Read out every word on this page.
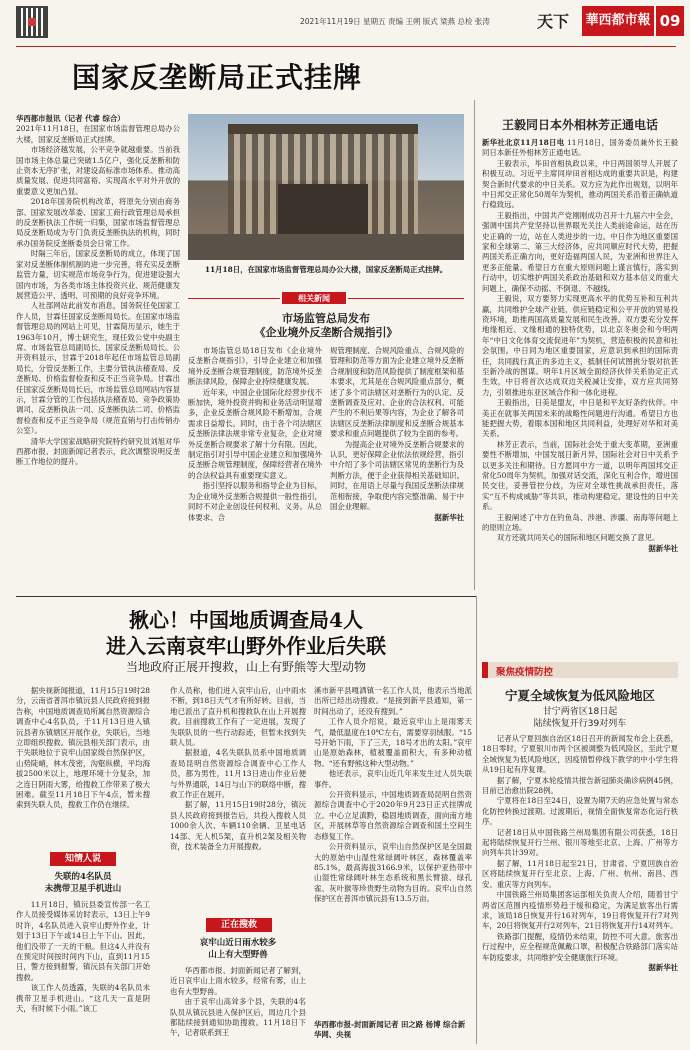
2021年11月19日 星期五 责编 王朔 版式 梁燕 总检 张涛	天下	華西都市報 09
国家反垄断局正式挂牌

华西都市报讯（记者 代睿 综合）

2021年11月18日，在国家市场监督管理总局办公大楼，国家反垄断局正式挂牌。

市场经济越发展，公平竞争就越重要。当前我国市场主体总量已突破1.5亿户，强化反垄断和防止资本无序扩张，对建设高标准市场体系、推动高质量发展、促进共同富裕、实现高水平对外开放的重要意义更加凸显。

2018年国务院机构改革，将原先分别由商务部、国家发展改革委、国家工商行政管理总局承担的反垄断执法工作统一归集，国家市场监督管理总局反垄断局成为专门负责反垄断执法的机构，同时承办国务院反垄断委员会日常工作。

时隔三年后，国家反垄断局的成立，体现了国家对反垄断体制机制的进一步完善，将充实反垄断监管力量，切实规范市场竞争行为，促进建设强大国内市场，为各类市场主体投资兴业、规范健康发展营造公平、透明、可预期的良好竞争环境。

人社部网站此前发布消息，国务院任免国家工作人员，甘霖任国家反垄断局局长。在国家市场监督管理总局的网站上可见，甘霖简历显示，她生于1963年10月，博士研究生，现任致公党中央副主席、市场监管总局副局长、国家反垄断局局长。公开资料显示，甘霖于2018年起任市场监管总局副局长，分管反垄断工作，主要分管执法稽查局、反垄断局、价格监督检查和反不正当竞争局。甘霖出任国家反垄断局局长后，市场监管总局网站内容显示，甘霖分管的工作包括执法稽查局、竞争政策协调司、反垄断执法一司、反垄断执法二司、价格监督检查和反不正当竞争局（规范直销与打击传销办公室）。

清华大学国家战略研究院特约研究员刘旭对华西都市报、封面新闻记者表示，此次调整说明反垄断工作地位的提升。

11月18日，在国家市场监督管理总局办公大楼，国家反垄断局正式挂牌。
相关新闻
市场监管总局发布
《企业境外反垄断合规指引》

市场监管总局18日发布《企业境外反垄断合规指引》，引导企业建立和加强境外反垄断合规管理制度，防范境外反垄断法律风险，保障企业持续健康发展。

近年来，中国企业国际化经营步伐不断加快，境外投资并购和业务活动明显增多，企业反垄断合规风险不断增加，合规需求日益增长。同时，由于各个司法辖区反垄断法律法规非常专业复杂，企业对境外反垄断合规要求了解十分有限。因此，制定指引对引导中国企业建立和加强境外反垄断合规管理制度，保障经营者在境外的合法权益具有重要现实意义。

指引坚持以服务和指导企业为目标，为企业境外反垄断合规提供一般性指引，同时不对企业创设任何权利、义务。从总体要求、合

规管理制度、合规风险重点、合规风险的管理和防范等方面为企业建立境外反垄断合规制度和防范风险提供了制度框架和基本要求，尤其是在合规风险重点部分，概述了多个司法辖区对垄断行为的认定、反垄断调查及应对、企业的合法权利、可能产生的不利后果等内容，为企业了解各司法辖区反垄断法律制度和反垄断合规基本要求和重点问题提供了较为全面的参考。

为提高企业对境外反垄断合规要求的认识，更好保障企业依法依规经营，指引中介绍了多个司法辖区常见的垄断行为及判断方法，便于企业获得相关基础知识。同时，在用语上尽量与我国反垄断法律规范相衔接，争取使内容完整准确、易于中国企业理解。

据新华社

王毅同日本外相林芳正通电话

新华社北京11月18日电 11月18日，国务委员兼外长王毅同日本新任外相林芳正通电话。

王毅表示，毕田首相执政以来，中日两国领导人开展了积极互动。习近平主席同岸田首相达成的重要共识是，构建契合新时代要求的中日关系。双方应为此作出规划，以明年中日邦交正常化50周年为契机，推动两国关系沿着正确轨道行稳致远。

王毅指出，中国共产党刚刚成功召开十九届六中全会，强调中国共产党坚持以世界眼光关注人类前途命运，站在历史正确的一边，站在人类进步的一边。中日作为地区重要国家和全球第二、第三大经济体，应共同顺应时代大势，把握两国关系正确方向，更好造福两国人民，为亚洲和世界注入更多正能量。希望日方在重大原则问题上谨言慎行，落实到行动中，切实维护两国关系政治基础和双方基本信义的重大问题上，确保不动摇、不倒退、不越线。

王毅说，双方要努力实现更高水平的优势互补和互利共赢，共同维护全球产业链、供应链稳定和公平开放的贸易投资环境，助推两国高质量发展和民生改善。双方要充分发挥地缘相近、文缘相通的独特优势，以北京冬奥会和今明两年“中日文化体育交流促进年”为契机，营造积极的民意和社会氛围。中日同为地区重要国家，应意识到承担的国际责任，共同践行真正的多边主义，抵制任何试图挑分裂对抗甚至新冷战的图谋。明年1月区域全面经济伙伴关系协定正式生效，中日将首次达成双边关税减让安排，双方应共同努力，引领推进东亚区域合作和一体化进程。

王毅指出，日美是盟友，中日是和平友好条约伙伴。中美正在就事关两国未来的战略性问题进行沟通。希望日方也能把握大势，着眼本国和地区共同利益，处理好对华和对美关系。

林芳正表示，当前，国际社会处于重大变革期，亚洲重要性不断增加，中国发展日新月异，国际社会对日中关系予以更多关注和期待。日方愿同中方一道，以明年两国邦交正常化50周年为契机，加强对话交流，深化互利合作，增进国民交往，妥善管控分歧，为应对全球性挑战承担责任，落实“互不构成威胁”等共识，推动构建稳定、建设性的日中关系。

王毅阐述了中方在钓鱼岛、涉港、涉疆、南海等问题上的原则立场。

双方还就共同关心的国际和地区问题交换了意见。

据新华社

揪心！中国地质调查局4人
进入云南哀牢山野外作业后失联
当地政府正展开搜救，山上有野熊等大型动物

据央视新闻报道，11月15日19时28分，云南省普洱市镇沅县人民政府接到报告称，中国地质调查局所属自然资源综合调查中心4名队员，于11月13日进入镇沅县者东镇辖区开展作业，失联后，当地立即组织搜救。镇沅县相关部门表示，由于失联地位于哀牢山国家级自然保护区，山势陡峭，林木茂密，沟壑纵横，平均海拔2500米以上，地理环境十分复杂，加之连日阴雨大雾，给搜救工作带来了极大困难。截至11月18日下午4点，暂未搜索到失联人员，搜救工作仍在继续。

知情人说
失联的4名队员
未携带卫星手机进山

11月18日，镇沅县委宣传部一名工作人员接受媒体采访时表示，13日上午9时许，4名队员进入哀牢山野外作业，计划于13日下午或14日上午下山。因此，他们没带了一天的干粮。但这4人并没有在预定时间按时间内下山，直到11月15日，警方接到报警，镇沅县有关部门开始搜救。

该工作人员透露，失联的4名队员未携带卫星手机进山。“这几天一直是阴天，有时候下小雨。”该工

作人员称，他们进入哀牢山后，山中雨水不断，到18日天气才有所好转。目前，当地已派出了直升机和搜救队在山上开展搜救。目前搜救工作有了一定进展，发现了失联队员的一些行动踪迹，但暂未找到失联人员。

据报道，4名失联队员系中国地质调查局昆明自然资源综合调查中心工作人员，都为男性，11月13日进山作业后便与外界通联，14日与山下的联络中断，搜救工作正在展开。

据了解，11月15日19时28分，镇沅县人民政府接到报告后，共投入搜救人员1000余人次、车辆110余辆、卫星电话14部、无人机5架，直升机2架及相关物资，技术装备全力开展搜救。

正在搜救
哀牢山近日雨水较多
山上有大型野兽

华西都市报、封面新闻记者了解到，近日哀牢山上雨水较多，经常有雾，山上也有大型野兽。

由于哀牢山高耸多个县，失联的4名队员从镇沅县进入保护区后，周边几个县都陆续接到通知协助搜救。11月18日下午，记者联系到王

溪市新平县嘎洒镇一名工作人员，他表示当地派出所已经出动搜救。“是接到新平县通知，第一时间出动了，还没有搜到。”

工作人员介绍说，最近哀牢山上是雨雾天气，最低温度在10℃左右，需要穿羽绒服。“15号开始下雨，下了三天，18号才出的太阳。”哀牢山是原始森林，植被覆盖面积大，有多种动植物。“还有野熊这种大型动物。”

他还表示，哀牢山近几年来发生过人员失联事件。

公开资料显示，中国地质调查局昆明自然资源综合调查中心于2020年9月23日正式挂牌成立。中心立足滇黔，稳固地质调查，面向南方地区，开展林草等自然资源综合调查和国土空间生态修复工作。

公开资料显示，哀牢山自然保护区是全国最大的原始中山湿性常绿阔叶林区，森林覆盖率85.1%，最高海拔3166.9米，以保护亚热带中山湿性常绿阔叶林生态系统和黑长臂猿、绿孔雀、灰叶猴等珍贵野生动物为目的。哀牢山自然保护区在普洱市镇沅县有13.5万亩。

华西都市报-封面新闻记者 田之路 杨博 综合新华网、央视
聚焦疫情防控
宁夏全域恢复为低风险地区
甘宁两省区18日起
陆续恢复开行39对列车

记者从宁夏回族自治区18日召开的新闻发布会上获悉，18日零时，宁夏银川市两个区被调整为低风险区，至此宁夏全域恢复为低风险地区，因疫情暂停线下教学的中小学生将从19日起有序复课。

据了解，宁夏本轮疫情共报告新冠肺炎确诊病例45例，目前已治愈出院28例。

宁夏将在18日至24日，设置为期7天的应急处置与常态化防控转换过渡期。过渡期后，视情全面恢复常态化运行秩序。

记者18日从中国铁路兰州局集团有限公司获悉，18日起将陆续恢复开行兰州、银川等地至北京、上海、广州等方向列车共计39对。

据了解，11月18日起至21日，甘肃省、宁夏回族自治区将陆续恢复开行至北京、上海、广州、杭州、南昌、西安、重庆等方向列车。

中国铁路兰州局集团客运部相关负责人介绍，随着甘宁两省区范围内疫情形势趋于缓和稳定，为满足旅客出行需求，该局18日恢复开行16对列车，19日将恢复开行7对列车，20日将恢复开行2对列车，21日将恢复开行14对列车。

铁路部门提醒，疫情仍未结束，防控不可大意。旅客出行过程中，应全程规范佩戴口罩，积极配合铁路部门落实站车防疫要求，共同维护安全健康旅行环境。

据新华社
